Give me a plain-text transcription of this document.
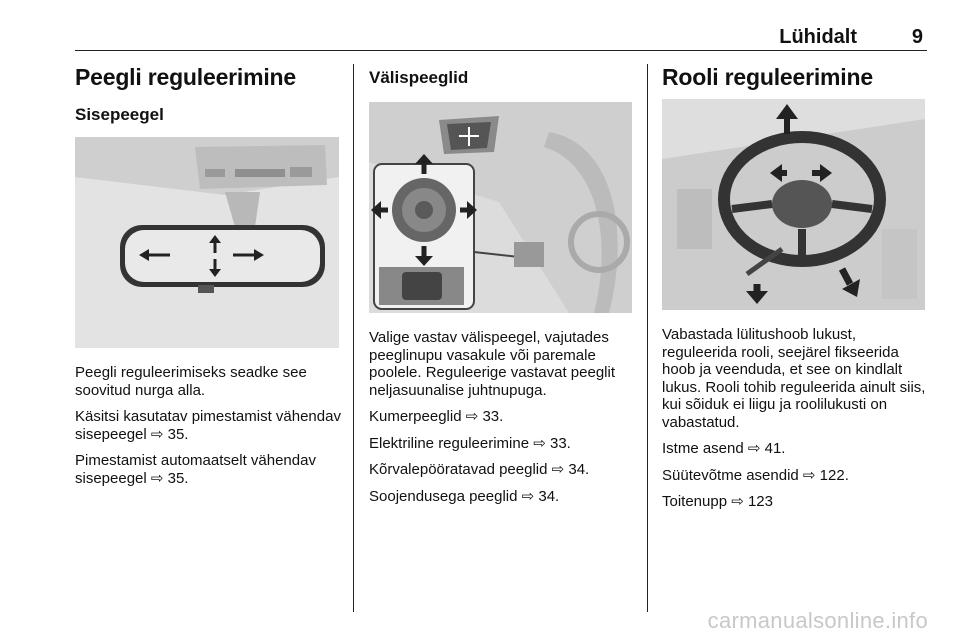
Lühidalt	9
Peegli reguleerimine
Sisepeegel

Peegli reguleerimiseks seadke see soovitud nurga alla.

Käsitsi kasutatav pimestamist vähendav sisepeegel ⇨ 35.

Pimestamist automaatselt vähendav sisepeegel ⇨ 35.

Välispeeglid

Valige vastav välispeegel, vajutades peeglinupu vasakule või paremale poolele. Reguleerige vastavat peeglit neljasuunalise juhtnupuga.

Kumerpeeglid ⇨ 33.

Elektriline reguleerimine ⇨ 33.

Kõrvalepööratavad peeglid ⇨ 34.

Soojendusega peeglid ⇨ 34.

Rooli reguleerimine

Vabastada lülitushoob lukust, reguleerida rooli, seejärel fikseerida hoob ja veenduda, et see on kindlalt lukus. Rooli tohib reguleerida ainult siis, kui sõiduk ei liigu ja roolilukusti on vabastatud.

Istme asend ⇨ 41.

Süütevõtme asendid ⇨ 122.

Toitenupp ⇨ 123

carmanualsonline.info
